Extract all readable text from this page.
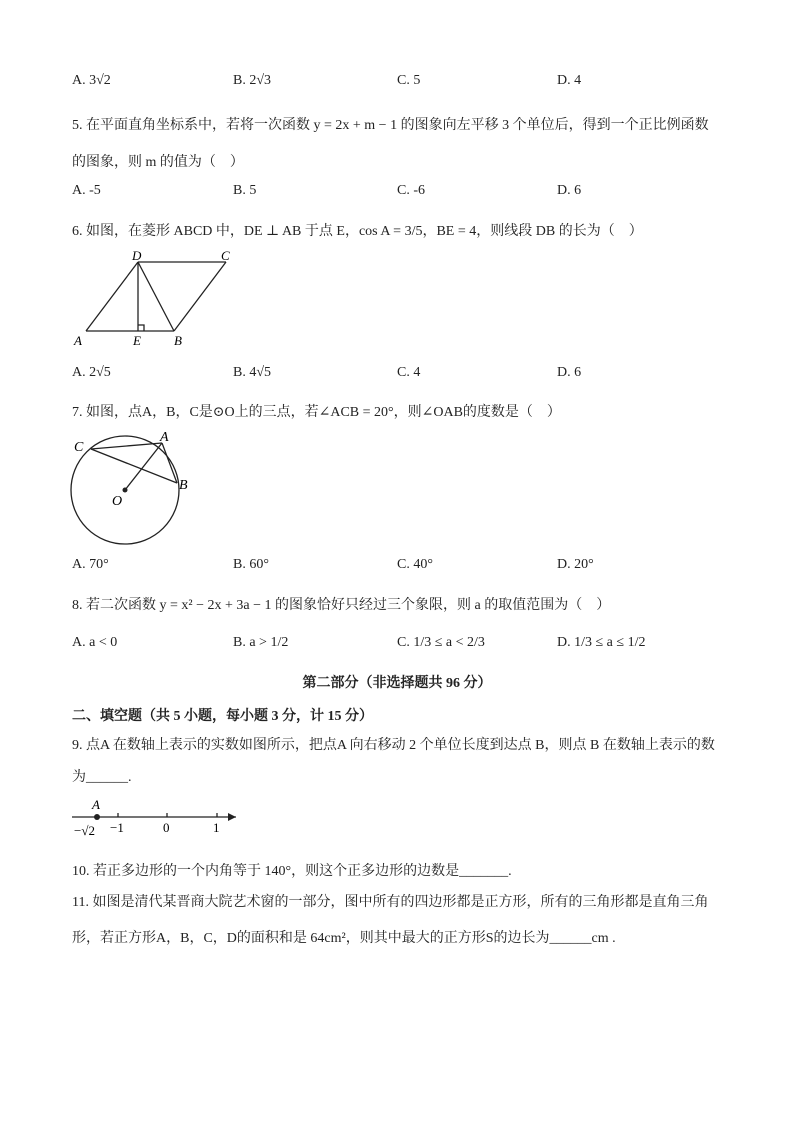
A. 3√2	B. 2√3	C. 5	D. 4
5. 在平面直角坐标系中，若将一次函数 y = 2x + m − 1 的图象向左平移 3 个单位后，得到一个正比例函数
的图象，则 m 的值为（　）
A. -5	B. 5	C. -6	D. 6
6. 如图，在菱形 ABCD 中，DE ⊥ AB 于点 E，cos A = 3/5，BE = 4，则线段 DB 的长为（　）
A	E	B
D	C
A. 2√5	B. 4√5	C. 4	D. 6
7. 如图，点A，B，C是⊙O上的三点，若∠ACB = 20°，则∠OAB的度数是（　）
C
A
B
O
A. 70°	B. 60°	C. 40°	D. 20°
8. 若二次函数 y = x² − 2x + 3a − 1 的图象恰好只经过三个象限，则 a 的取值范围为（　）
A. a < 0	B. a > 1/2	C. 1/3 ≤ a < 2/3	D. 1/3 ≤ a ≤ 1/2
第二部分（非选择题共 96 分）
二、填空题（共 5 小题，每小题 3 分，计 15 分）
9. 点A 在数轴上表示的实数如图所示，把点A 向右移动 2 个单位长度到达点 B，则点 B 在数轴上表示的数
为______.
A
−√2 −1	0	1
10. 若正多边形的一个内角等于 140°，则这个正多边形的边数是_______.
11. 如图是清代某晋商大院艺术窗的一部分，图中所有的四边形都是正方形，所有的三角形都是直角三角
形，若正方形A，B，C，D的面积和是 64cm²，则其中最大的正方形S的边长为______cm .
